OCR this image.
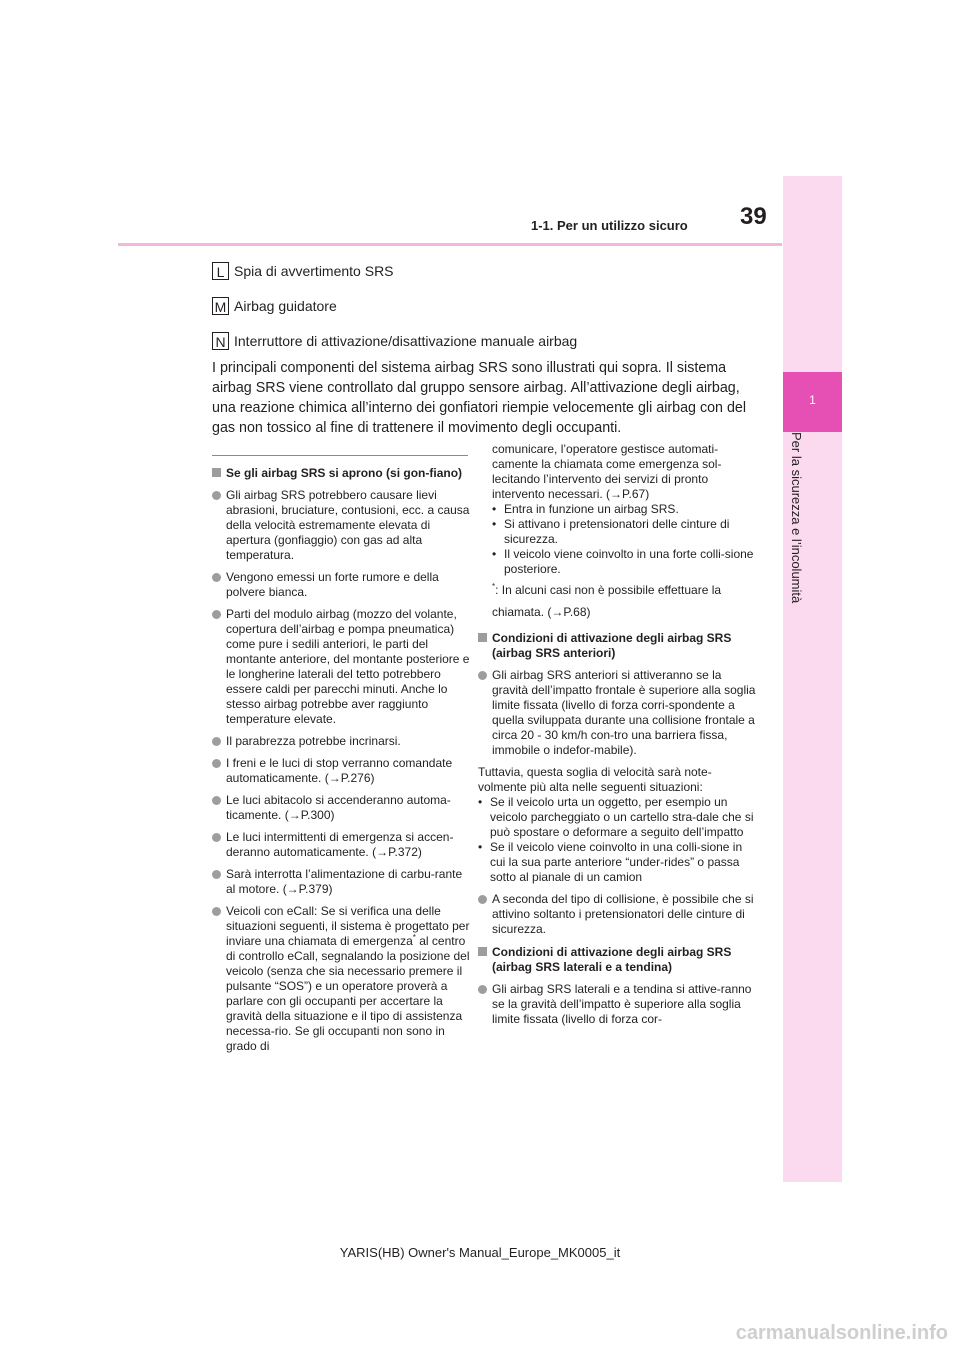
39
1-1. Per un utilizzo sicuro
1
Per la sicurezza e l’incolumità
L Spia di avvertimento SRS
M Airbag guidatore
N Interruttore di attivazione/disattivazione manuale airbag
I principali componenti del sistema airbag SRS sono illustrati qui sopra. Il sistema airbag SRS viene controllato dal gruppo sensore airbag. All’attivazione degli airbag, una reazione chimica all’interno dei gonfiatori riempie velocemente gli airbag con del gas non tossico al fine di trattenere il movimento degli occupanti.
Se gli airbag SRS si aprono (si gon-fiano)
Gli airbag SRS potrebbero causare lievi abrasioni, bruciature, contusioni, ecc. a causa della velocità estremamente elevata di apertura (gonfiaggio) con gas ad alta temperatura.
Vengono emessi un forte rumore e della polvere bianca.
Parti del modulo airbag (mozzo del volante, copertura dell’airbag e pompa pneumatica) come pure i sedili anteriori, le parti del montante anteriore, del montante posteriore e le longherine laterali del tetto potrebbero essere caldi per parecchi minuti. Anche lo stesso airbag potrebbe aver raggiunto temperature elevate.
Il parabrezza potrebbe incrinarsi.
I freni e le luci di stop verranno comandate automaticamente. (→P.276)
Le luci abitacolo si accenderanno automa-ticamente. (→P.300)
Le luci intermittenti di emergenza si accen-deranno automaticamente. (→P.372)
Sarà interrotta l’alimentazione di carbu-rante al motore. (→P.379)
Veicoli con eCall: Se si verifica una delle situazioni seguenti, il sistema è progettato per inviare una chiamata di emergenza* al centro di controllo eCall, segnalando la posizione del veicolo (senza che sia necessario premere il pulsante “SOS”) e un operatore proverà a parlare con gli occupanti per accertare la gravità della situazione e il tipo di assistenza necessa-rio. Se gli occupanti non sono in grado di
comunicare, l’operatore gestisce automati-camente la chiamata come emergenza sol-lecitando l’intervento dei servizi di pronto intervento necessari. (→P.67)
• Entra in funzione un airbag SRS.
• Si attivano i pretensionatori delle cinture di sicurezza.
• Il veicolo viene coinvolto in una forte colli-sione posteriore.
*: In alcuni casi non è possibile effettuare la chiamata. (→P.68)
Condizioni di attivazione degli airbag SRS (airbag SRS anteriori)
Gli airbag SRS anteriori si attiveranno se la gravità dell’impatto frontale è superiore alla soglia limite fissata (livello di forza corri-spondente a quella sviluppata durante una collisione frontale a circa 20 - 30 km/h con-tro una barriera fissa, immobile o indefor-mabile).
Tuttavia, questa soglia di velocità sarà note-volmente più alta nelle seguenti situazioni:
• Se il veicolo urta un oggetto, per esempio un veicolo parcheggiato o un cartello stra-dale che si può spostare o deformare a seguito dell’impatto
• Se il veicolo viene coinvolto in una colli-sione in cui la sua parte anteriore “under-rides” o passa sotto al pianale di un camion
A seconda del tipo di collisione, è possibile che si attivino soltanto i pretensionatori delle cinture di sicurezza.
Condizioni di attivazione degli airbag SRS (airbag SRS laterali e a tendina)
Gli airbag SRS laterali e a tendina si attive-ranno se la gravità dell’impatto è superiore alla soglia limite fissata (livello di forza cor-
YARIS(HB) Owner's Manual_Europe_MK0005_it
carmanualsonline.info
